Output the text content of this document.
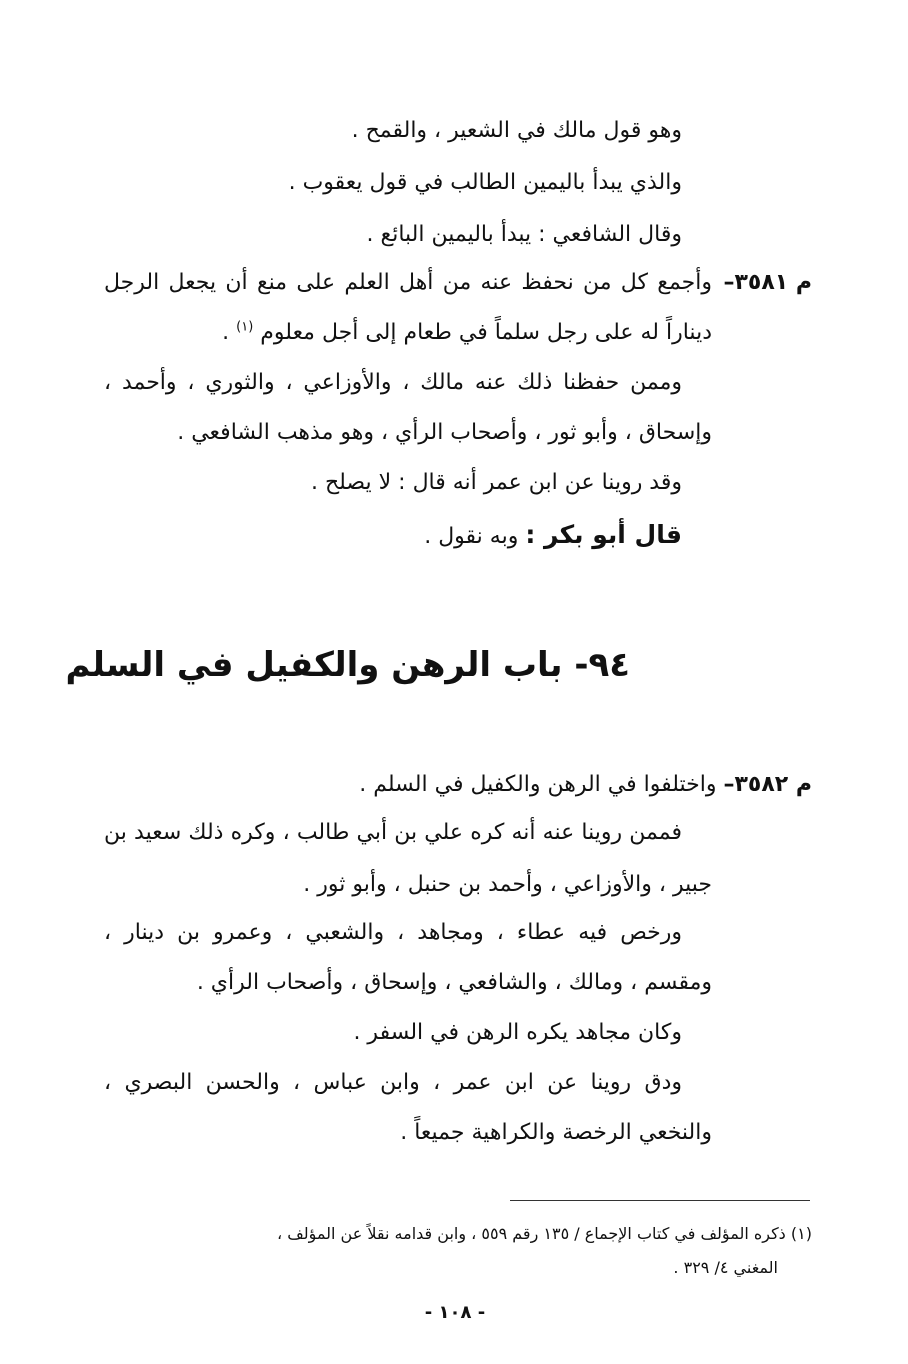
وهو قول مالك في الشعير ، والقمح .
والذي يبدأ باليمين الطالب في قول يعقوب .
وقال الشافعي : يبدأ باليمين البائع .
م ٣٥٨١–
وأجمع كل من نحفظ عنه من أهل العلم على منع أن يجعل الرجل
ديناراً له على رجل سلماً في طعام إلى أجل معلوم $^{(١)}$ .
وممن حفظنا ذلك عنه مالك ، والأوزاعي ، والثوري ، وأحمد ،
وإسحاق ، وأبو ثور ، وأصحاب الرأي ، وهو مذهب الشافعي .
وقد روينا عن ابن عمر أنه قال : لا يصلح .
قال أبو بكر : وبه نقول .
٩٤- باب الرهن والكفيل في السلم
م ٣٥٨٢– واختلفوا في الرهن والكفيل في السلم .
فممن روينا عنه أنه كره علي بن أبي طالب ، وكره ذلك سعيد بن
جبير ، والأوزاعي ، وأحمد بن حنبل ، وأبو ثور .
ورخص فيه عطاء ، ومجاهد ، والشعبي ، وعمرو بن دينار ،
ومقسم ، ومالك ، والشافعي ، وإسحاق ، وأصحاب الرأي .
وكان مجاهد يكره الرهن في السفر .
ودق روينا عن ابن عمر ، وابن عباس ، والحسن البصري ،
والنخعي الرخصة والكراهية جميعاً .
(١) ذكره المؤلف في كتاب الإجماع / ١٣٥ رقم ٥٥٩ ، وابن قدامه نقلاً عن المؤلف ،
المغني ٤/ ٣٢٩ .
- ١٠٨ -
